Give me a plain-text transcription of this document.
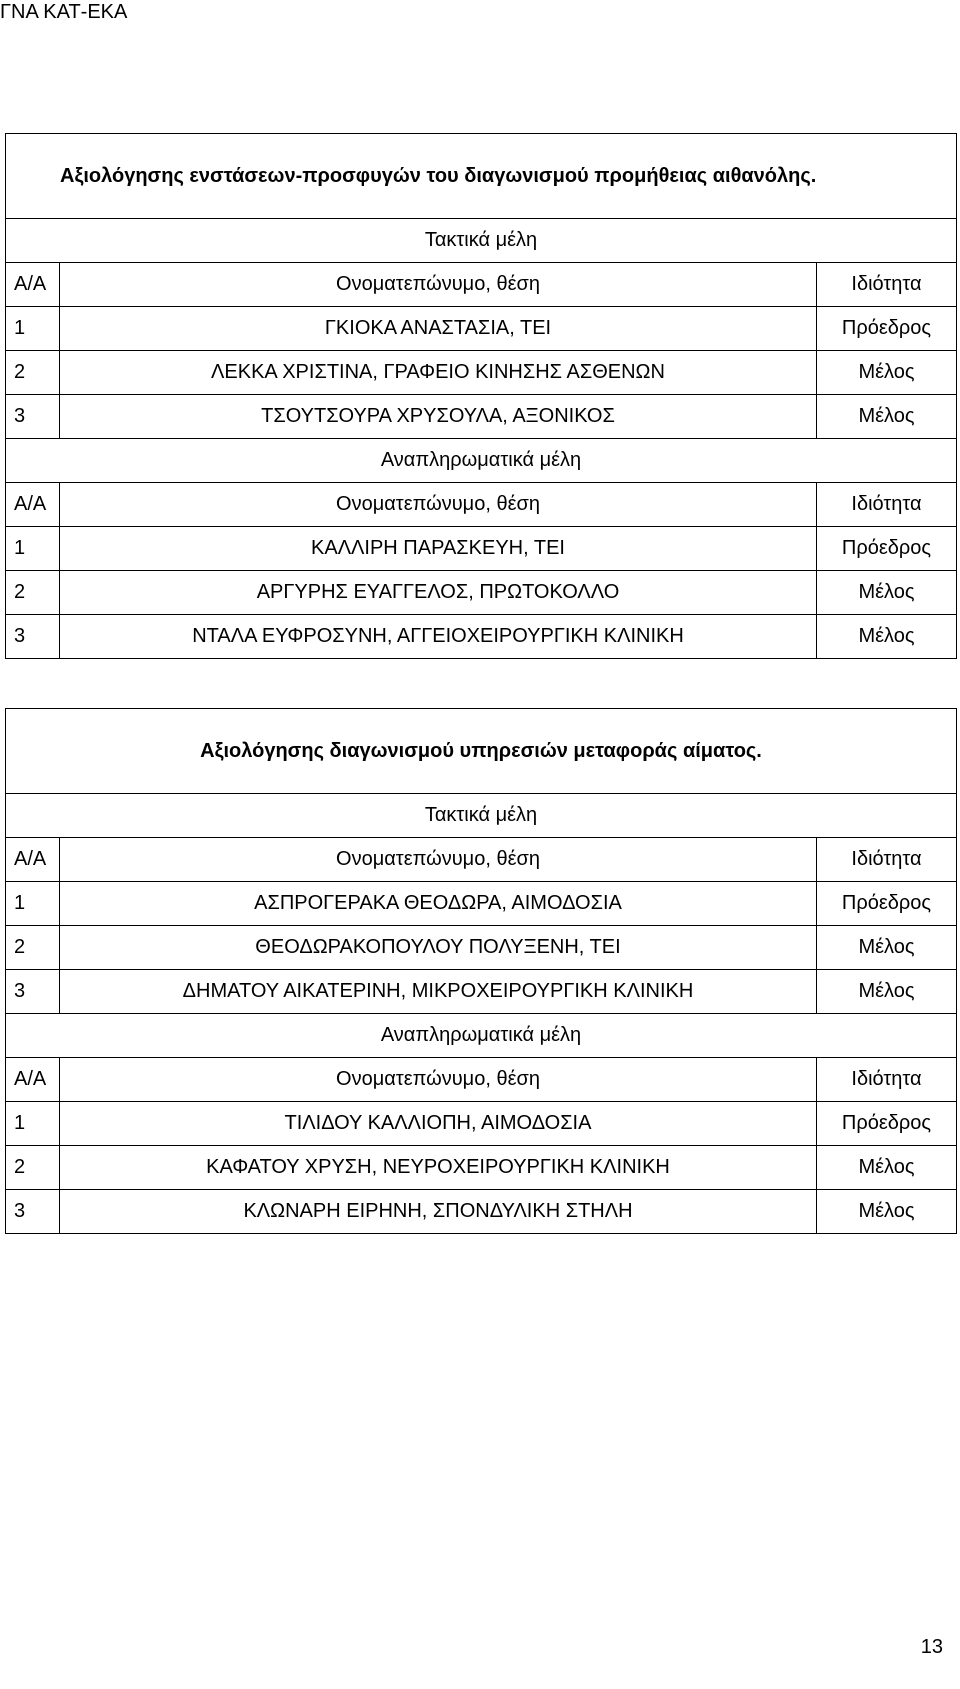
ΓΝΑ ΚΑΤ-ΕΚΑ
Αξιολόγησης ενστάσεων-προσφυγών του διαγωνισμού προμήθειας αιθανόλης.		
Τακτικά μέλη		
Α/Α	Ονοματεπώνυμο, θέση	Ιδιότητα
1	ΓΚΙΟΚΑ ΑΝΑΣΤΑΣΙΑ, ΤΕΙ	Πρόεδρος
2	ΛΕΚΚΑ ΧΡΙΣΤΙΝΑ, ΓΡΑΦΕΙΟ ΚΙΝΗΣΗΣ ΑΣΘΕΝΩΝ	Μέλος
3	ΤΣΟΥΤΣΟΥΡΑ ΧΡΥΣΟΥΛΑ, ΑΞΟΝΙΚΟΣ	Μέλος
Αναπληρωματικά μέλη		
Α/Α	Ονοματεπώνυμο, θέση	Ιδιότητα
1	ΚΑΛΛΙΡΗ ΠΑΡΑΣΚΕΥΗ, ΤΕΙ	Πρόεδρος
2	ΑΡΓΥΡΗΣ ΕΥΑΓΓΕΛΟΣ, ΠΡΩΤΟΚΟΛΛΟ	Μέλος
3	ΝΤΑΛΑ ΕΥΦΡΟΣΥΝΗ, ΑΓΓΕΙΟΧΕΙΡΟΥΡΓΙΚΗ ΚΛΙΝΙΚΗ	Μέλος
Αξιολόγησης διαγωνισμού υπηρεσιών μεταφοράς αίματος.		
Τακτικά μέλη		
Α/Α	Ονοματεπώνυμο, θέση	Ιδιότητα
1	ΑΣΠΡΟΓΕΡΑΚΑ ΘΕΟΔΩΡΑ, ΑΙΜΟΔΟΣΙΑ	Πρόεδρος
2	ΘΕΟΔΩΡΑΚΟΠΟΥΛΟΥ ΠΟΛΥΞΕΝΗ, ΤΕΙ	Μέλος
3	ΔΗΜΑΤΟΥ ΑΙΚΑΤΕΡΙΝΗ, ΜΙΚΡΟΧΕΙΡΟΥΡΓΙΚΗ ΚΛΙΝΙΚΗ	Μέλος
Αναπληρωματικά μέλη		
Α/Α	Ονοματεπώνυμο, θέση	Ιδιότητα
1	ΤΙΛΙΔΟΥ ΚΑΛΛΙΟΠΗ, ΑΙΜΟΔΟΣΙΑ	Πρόεδρος
2	ΚΑΦΑΤΟΥ ΧΡΥΣΗ, ΝΕΥΡΟΧΕΙΡΟΥΡΓΙΚΗ ΚΛΙΝΙΚΗ	Μέλος
3	ΚΛΩΝΑΡΗ ΕΙΡΗΝΗ, ΣΠΟΝΔΥΛΙΚΗ ΣΤΗΛΗ	Μέλος
13
